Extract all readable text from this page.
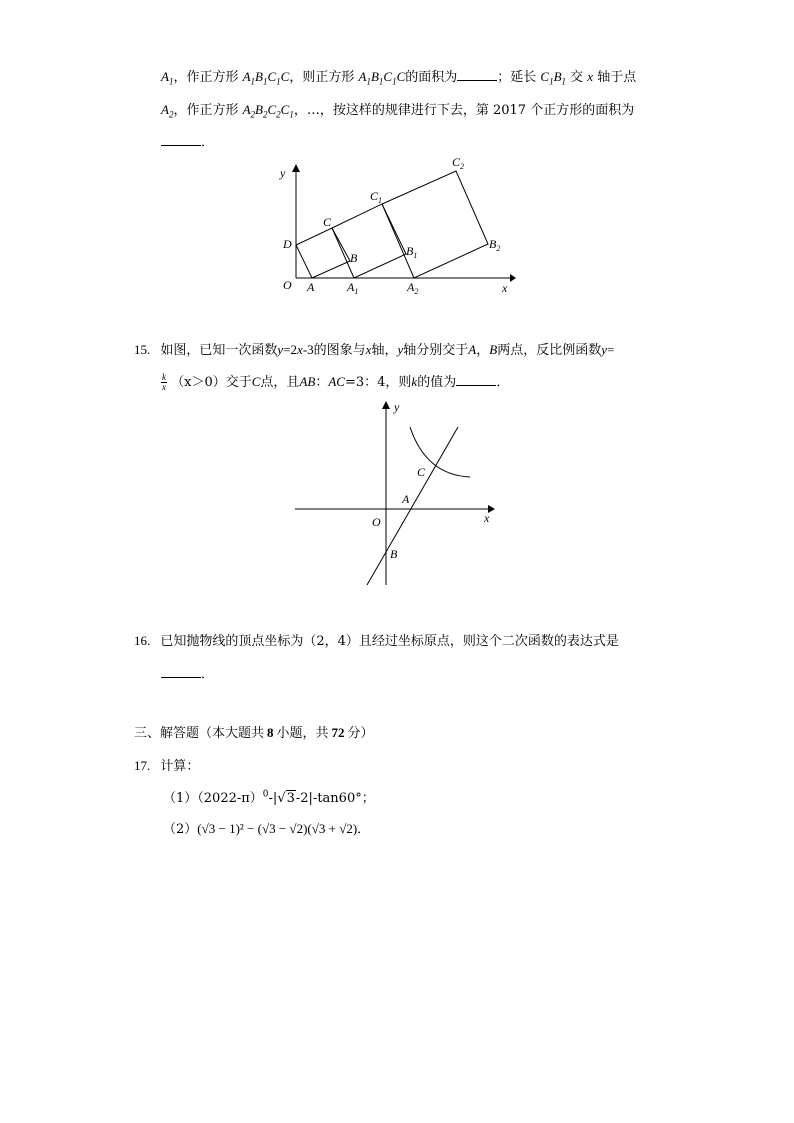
$A_1$，作正方形 $A_1B_1C_1C$，则正方形 $A_1B_1C_1C$的面积为	；延长 $C_1B_1$ 交 x 轴于点
$A_2$，作正方形 $A_2B_2C_2C_1$，…，按这样的规律进行下去，第 2017 个正方形的面积为
．
y
D
O A	$A_1$
C
B
$C_1$
$B_1$
$A_2$
$C_2$
$B_2$
x
15. 如图，已知一次函数y=2x-3的图象与x轴，y轴分别交于A，B两点，反比例函数y=
$\frac{k}{x} (x>0)$交于C点，且AB：AC=3：4，则k的值为	．
y
x
O
A
B
C
16. 已知抛物线的顶点坐标为（2，4）且经过坐标原点，则这个二次函数的表达式是
．
三、解答题（本大题共 8 小题，共 72 分）
17. 计算：
$(1)(2022-\pi)^0-|√3-2|-\tan 60^\circ$；
（2）(√3 − 1)² − (√3 − √2)(√3 + √2)．
